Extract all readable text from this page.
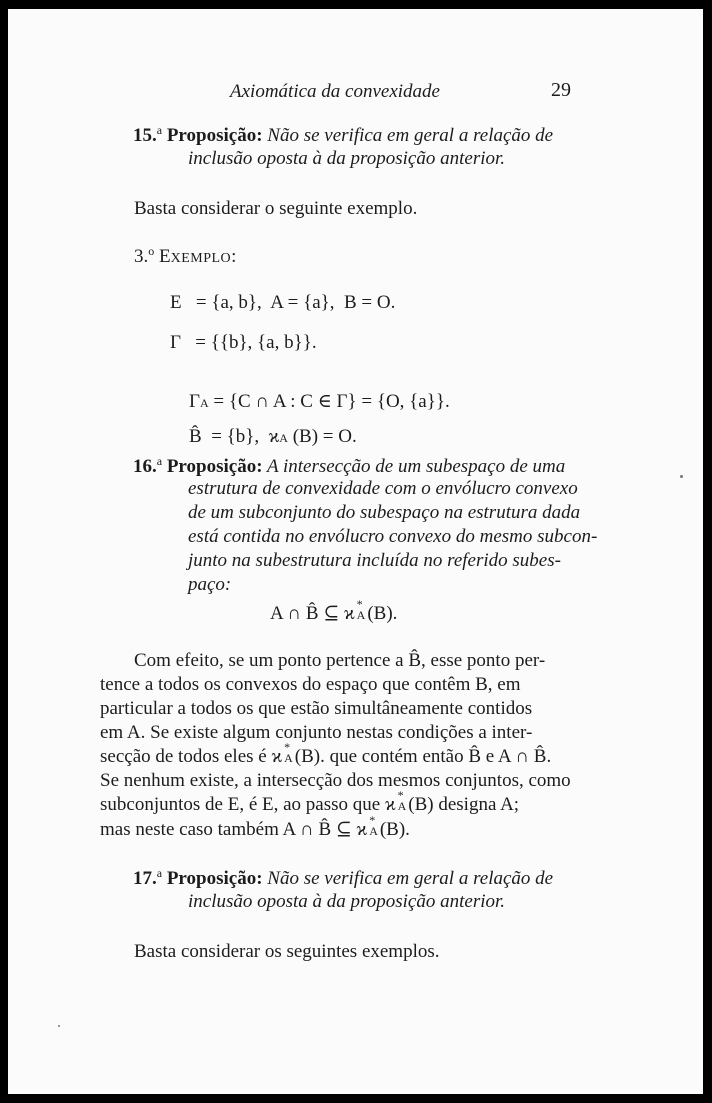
Axiomática da convexidade	29
15.$^a$ Proposição: Não se verifica em geral a relação de
inclusão oposta à da proposição anterior.
Basta considerar o seguinte exemplo.
3.$^o$ EXEMPLO:
E   = {a, b},  A = {a},  B = O.
Γ   = {{b}, {a, b}}.

ΓA = {C ∩ A : C ∈ Γ} = {O, {a}}.

B̂  = {b},  ϰA (B) = O.

16.$^a$ Proposição: A intersecção de um subespaço de uma
estrutura de convexidade com o envólucro convexo
de um subconjunto do subespaço na estrutura dada
está contida no envólucro convexo do mesmo subcon-
junto na subestrutura incluída no referido subes-
paço:
A ∩ B̂ ⊆ ϰ *
A (B).
Com efeito, se um ponto pertence a B̂, esse ponto per-
tence a todos os convexos do espaço que contêm B, em
particular a todos os que estão simultâneamente contidos
em A. Se existe algum conjunto nestas condições a inter-
secção de todos eles é ϰ *
A (B). que contém então B̂ e A ∩ B̂.
Se nenhum existe, a intersecção dos mesmos conjuntos, como
subconjuntos de E, é E, ao passo que ϰ *
A (B) designa A;
mas neste caso também A ∩ B̂ ⊆ ϰ *
A (B).
17.$^a$ Proposição: Não se verifica em geral a relação de
inclusão oposta à da proposição anterior.
Basta considerar os seguintes exemplos.
